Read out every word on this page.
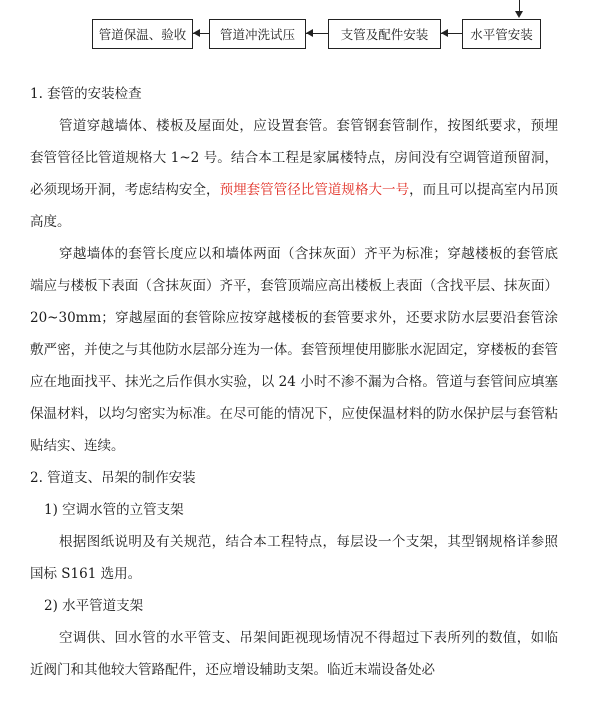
管道保温、验收	管道冲洗试压	支管及配件安装	水平管安装

1. 套管的安装检查

管道穿越墙体、楼板及屋面处，应设置套管。套管钢套管制作，按图纸要求，预埋套管管径比管道规格大 1~2 号。结合本工程是家属楼特点，房间没有空调管道预留洞，必须现场开洞，考虑结构安全，预埋套管管径比管道规格大一号，而且可以提高室内吊顶高度。

穿越墙体的套管长度应以和墙体两面（含抹灰面）齐平为标准；穿越楼板的套管底端应与楼板下表面（含抹灰面）齐平，套管顶端应高出楼板上表面（含找平层、抹灰面）20~30mm；穿越屋面的套管除应按穿越楼板的套管要求外，还要求防水层要沿套管涂敷严密，并使之与其他防水层部分连为一体。套管预埋使用膨胀水泥固定，穿楼板的套管应在地面找平、抹光之后作俱水实验，以 24 小时不渗不漏为合格。管道与套管间应填塞保温材料，以均匀密实为标准。在尽可能的情况下，应使保温材料的防水保护层与套管粘贴结实、连续。

2. 管道支、吊架的制作安装

1) 空调水管的立管支架

根据图纸说明及有关规范，结合本工程特点，每层设一个支架，其型钢规格详参照国标 S161 选用。

2) 水平管道支架

空调供、回水管的水平管支、吊架间距视现场情况不得超过下表所列的数值，如临近阀门和其他较大管路配件，还应增设辅助支架。临近末端设备处必
